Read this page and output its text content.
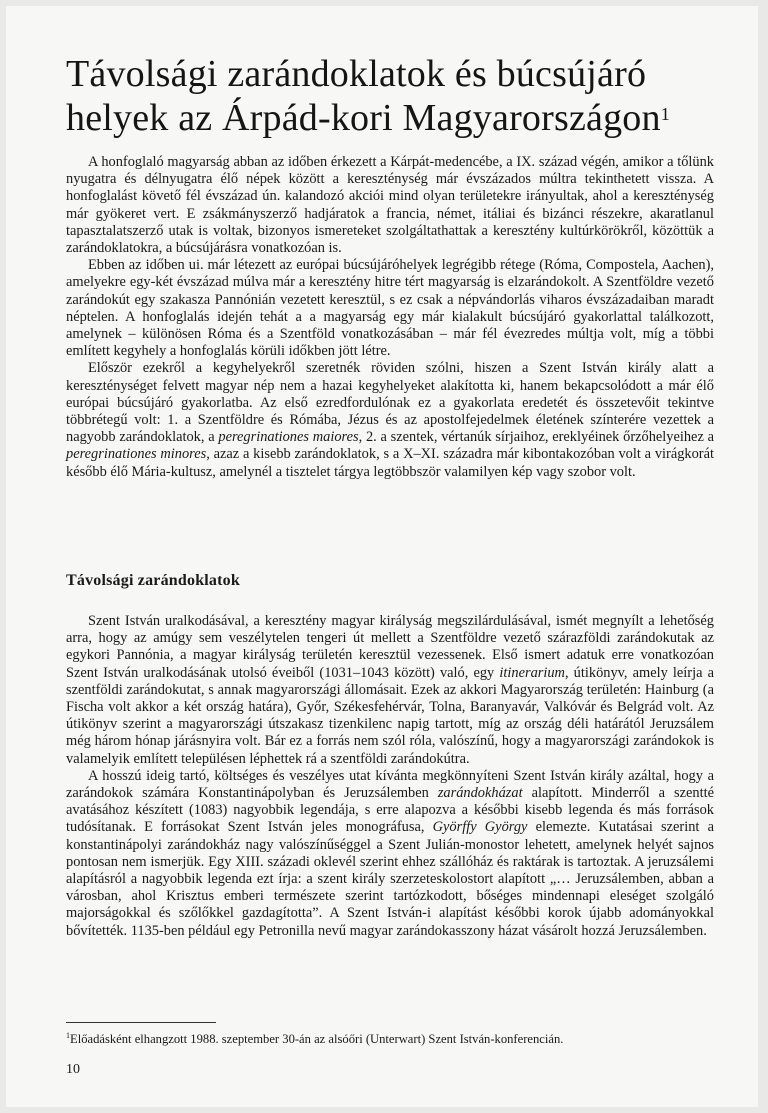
Távolsági zarándoklatok és búcsújáró helyek az Árpád-kori Magyarországon$^1$

A honfoglaló magyarság abban az időben érkezett a Kárpát-medencébe, a IX. század végén, amikor a tőlünk nyugatra és délnyugatra élő népek között a kereszténység már évszázados múltra tekinthetett vissza. A honfoglalást követő fél évszázad ún. kalandozó akciói mind olyan területekre irányultak, ahol a kereszténység már gyökeret vert. E zsákmányszerző hadjáratok a francia, német, itáliai és bizánci részekre, akaratlanul tapasztalatszerző utak is voltak, bizonyos ismereteket szolgáltathattak a keresztény kultúrkörökről, közöttük a zarándoklatokra, a búcsújárásra vonatkozóan is.

Ebben az időben ui. már létezett az európai búcsújáróhelyek legrégibb rétege (Róma, Compostela, Aachen), amelyekre egy-két évszázad múlva már a keresztény hitre tért magyarság is elzarándokolt. A Szentföldre vezető zarándokút egy szakasza Pannónián vezetett keresztül, s ez csak a népvándorlás viharos évszázadaiban maradt néptelen. A honfoglalás idején tehát a a magyarság egy már kialakult búcsújáró gyakorlattal találkozott, amelynek – különösen Róma és a Szentföld vonatkozásában – már fél évezredes múltja volt, míg a többi említett kegyhely a honfoglalás körüli időkben jött létre.

Először ezekről a kegyhelyekről szeretnék röviden szólni, hiszen a Szent István király alatt a kereszténységet felvett magyar nép nem a hazai kegyhelyeket alakította ki, hanem bekapcsolódott a már élő európai búcsújáró gyakorlatba. Az első ezredfordulónak ez a gyakorlata eredetét és összetevőit tekintve többrétegű volt: 1. a Szentföldre és Rómába, Jézus és az apostolfejedelmek életének színterére vezettek a nagyobb zarándoklatok, a peregrinationes maiores, 2. a szentek, vértanúk sírjaihoz, ereklyéinek őrzőhelyeihez a peregrinationes minores, azaz a kisebb zarándoklatok, s a X–XI. századra már kibontakozóban volt a virágkorát később élő Mária-kultusz, amelynél a tisztelet tárgya legtöbbször valamilyen kép vagy szobor volt.

Távolsági zarándoklatok

Szent István uralkodásával, a keresztény magyar királyság megszilárdulásával, ismét megnyílt a lehetőség arra, hogy az amúgy sem veszélytelen tengeri út mellett a Szentföldre vezető szárazföldi zarándokutak az egykori Pannónia, a magyar királyság területén keresztül vezessenek. Első ismert adatuk erre vonatkozóan Szent István uralkodásának utolsó éveiből (1031–1043 között) való, egy itinerarium, útikönyv, amely leírja a szentföldi zarándokutat, s annak magyarországi állomásait. Ezek az akkori Magyarország területén: Hainburg (a Fischa volt akkor a két ország határa), Győr, Székesfehérvár, Tolna, Baranyavár, Valkóvár és Belgrád volt. Az útikönyv szerint a magyarországi útszakasz tizenkilenc napig tartott, míg az ország déli határától Jeruzsálem még három hónap járásnyira volt. Bár ez a forrás nem szól róla, valószínű, hogy a magyarországi zarándokok is valamelyik említett településen léphettek rá a szentföldi zarándokútra.

A hosszú ideig tartó, költséges és veszélyes utat kívánta megkönnyíteni Szent István király azáltal, hogy a zarándokok számára Konstantinápolyban és Jeruzsálemben zarándokházat alapított. Minderről a szentté avatásához készített (1083) nagyobbik legendája, s erre alapozva a későbbi kisebb legenda és más források tudósítanak. E forrásokat Szent István jeles monográfusa, Györffy György elemezte. Kutatásai szerint a konstantinápolyi zarándokház nagy valószínűséggel a Szent Julián-monostor lehetett, amelynek helyét sajnos pontosan nem ismerjük. Egy XIII. századi oklevél szerint ehhez szállóház és raktárak is tartoztak. A jeruzsálemi alapításról a nagyobbik legenda ezt írja: a szent király szerzeteskolostort alapított „… Jeruzsálemben, abban a városban, ahol Krisztus emberi természete szerint tartózkodott, bőséges mindennapi eleséget szolgáló majorságokkal és szőlőkkel gazdagította”. A Szent István-i alapítást későbbi korok újabb adományokkal bővítették. 1135-ben például egy Petronilla nevű magyar zarándokasszony házat vásárolt hozzá Jeruzsálemben.

$^1$Előadásként elhangzott 1988. szeptember 30-án az alsóőri (Unterwart) Szent István-konferencián.

10
